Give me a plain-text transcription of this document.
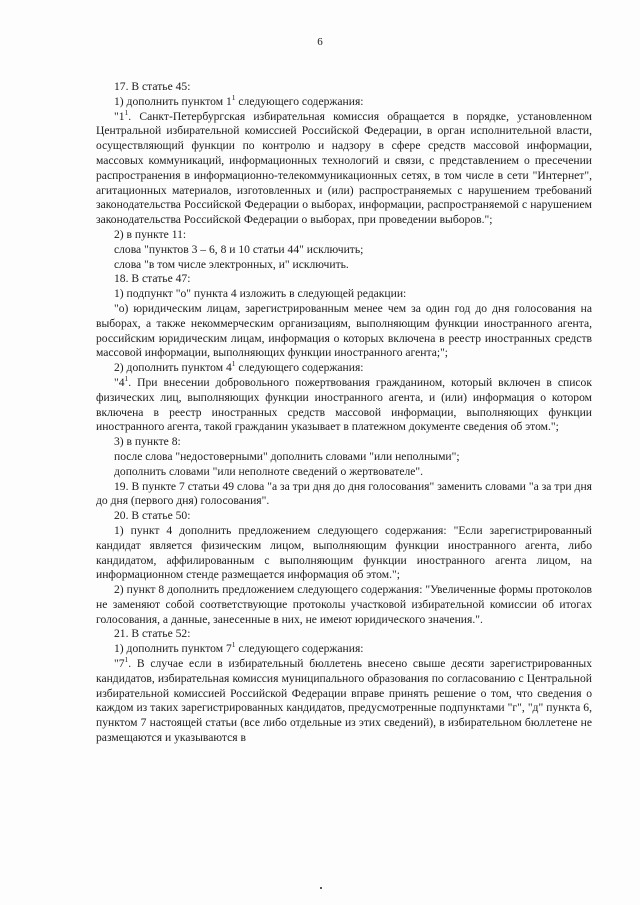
6

17. В статье 45:

1) дополнить пунктом $1^1$ следующего содержания:

"$1^1$. Санкт-Петербургская избирательная комиссия обращается в порядке, установленном Центральной избирательной комиссией Российской Федерации, в орган исполнительной власти, осуществляющий функции по контролю и надзору в сфере средств массовой информации, массовых коммуникаций, информационных технологий и связи, с представлением о пресечении распространения в информационно-телекоммуникационных сетях, в том числе в сети "Интернет", агитационных материалов, изготовленных и (или) распространяемых с нарушением требований законодательства Российской Федерации о выборах, информации, распространяемой с нарушением законодательства Российской Федерации о выборах, при проведении выборов.";

2) в пункте 11:

слова "пунктов 3 – 6, 8 и 10 статьи 44" исключить;

слова "в том числе электронных, и" исключить.

18. В статье 47:

1) подпункт "о" пункта 4 изложить в следующей редакции:

"о) юридическим лицам, зарегистрированным менее чем за один год до дня голосования на выборах, а также некоммерческим организациям, выполняющим функции иностранного агента, российским юридическим лицам, информация о которых включена в реестр иностранных средств массовой информации, выполняющих функции иностранного агента;";

2) дополнить пунктом $4^1$ следующего содержания:

"$4^1$. При внесении добровольного пожертвования гражданином, который включен в список физических лиц, выполняющих функции иностранного агента, и (или) информация о котором включена в реестр иностранных средств массовой информации, выполняющих функции иностранного агента, такой гражданин указывает в платежном документе сведения об этом.";

3) в пункте 8:

после слова "недостоверными" дополнить словами "или неполными";

дополнить словами "или неполноте сведений о жертвователе".

19. В пункте 7 статьи 49 слова "а за три дня до дня голосования" заменить словами "а за три дня до дня (первого дня) голосования".

20. В статье 50:

1) пункт 4 дополнить предложением следующего содержания: "Если зарегистрированный кандидат является физическим лицом, выполняющим функции иностранного агента, либо кандидатом, аффилированным с выполняющим функции иностранного агента лицом, на информационном стенде размещается информация об этом.";

2) пункт 8 дополнить предложением следующего содержания: "Увеличенные формы протоколов не заменяют собой соответствующие протоколы участковой избирательной комиссии об итогах голосования, а данные, занесенные в них, не имеют юридического значения.".

21. В статье 52:

1) дополнить пунктом $7^1$ следующего содержания:

"$7^1$. В случае если в избирательный бюллетень внесено свыше десяти зарегистрированных кандидатов, избирательная комиссия муниципального образования по согласованию с Центральной избирательной комиссией Российской Федерации вправе принять решение о том, что сведения о каждом из таких зарегистрированных кандидатов, предусмотренные подпунктами "г", "д" пункта 6, пунктом 7 настоящей статьи (все либо отдельные из этих сведений), в избирательном бюллетене не размещаются и указываются в
